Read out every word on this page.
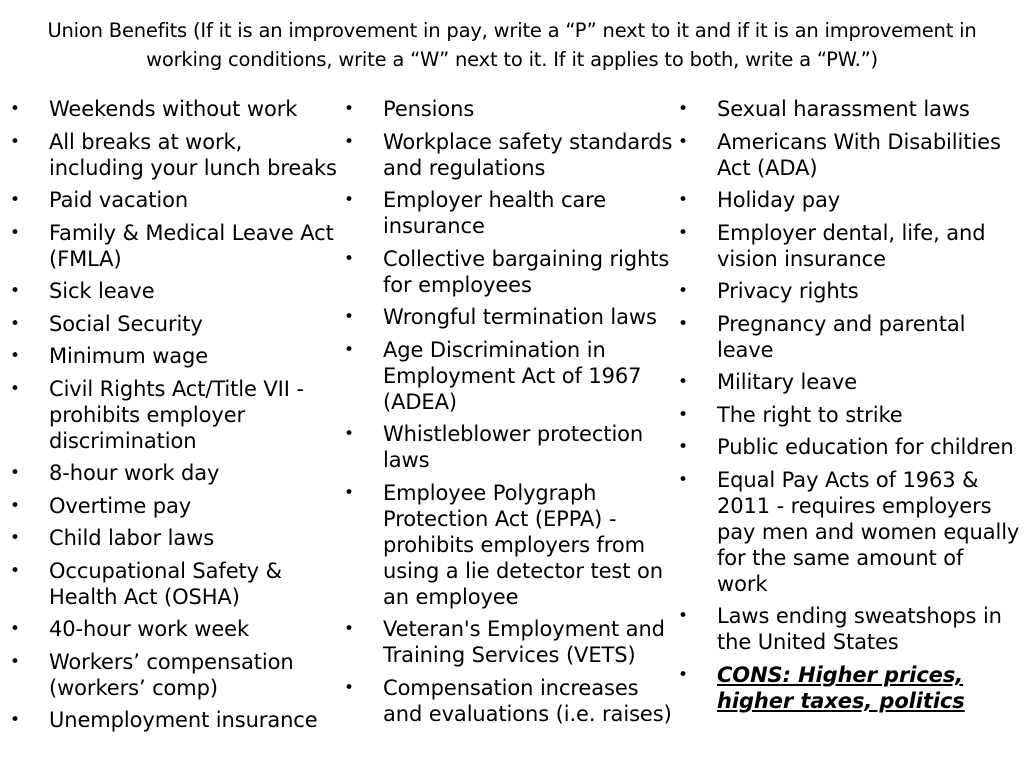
Union Benefits (If it is an improvement in pay, write a “P” next to it and if it is an improvement in
working conditions, write a “W” next to it. If it applies to both, write a “PW.”)
• Weekends without work
• All breaks at work, including your lunch breaks
• Paid vacation
• Family & Medical Leave Act (FMLA)
• Sick leave
• Social Security
• Minimum wage
• Civil Rights Act/Title VII - prohibits employer discrimination
• 8-hour work day
• Overtime pay
• Child labor laws
• Occupational Safety & Health Act (OSHA)
• 40-hour work week
• Workers’ compensation (workers’ comp)
• Unemployment insurance
• Pensions
• Workplace safety standards and regulations
• Employer health care insurance
• Collective bargaining rights for employees
• Wrongful termination laws
• Age Discrimination in Employment Act of 1967 (ADEA)
• Whistleblower protection laws
• Employee Polygraph Protection Act (EPPA) - prohibits employers from using a lie detector test on an employee
• Veteran's Employment and Training Services (VETS)
• Compensation increases and evaluations (i.e. raises)
• Sexual harassment laws
• Americans With Disabilities Act (ADA)
• Holiday pay
• Employer dental, life, and vision insurance
• Privacy rights
• Pregnancy and parental leave
• Military leave
• The right to strike
• Public education for children
• Equal Pay Acts of 1963 & 2011 - requires employers pay men and women equally for the same amount of work
• Laws ending sweatshops in the United States
• CONS: Higher prices, higher taxes, politics
